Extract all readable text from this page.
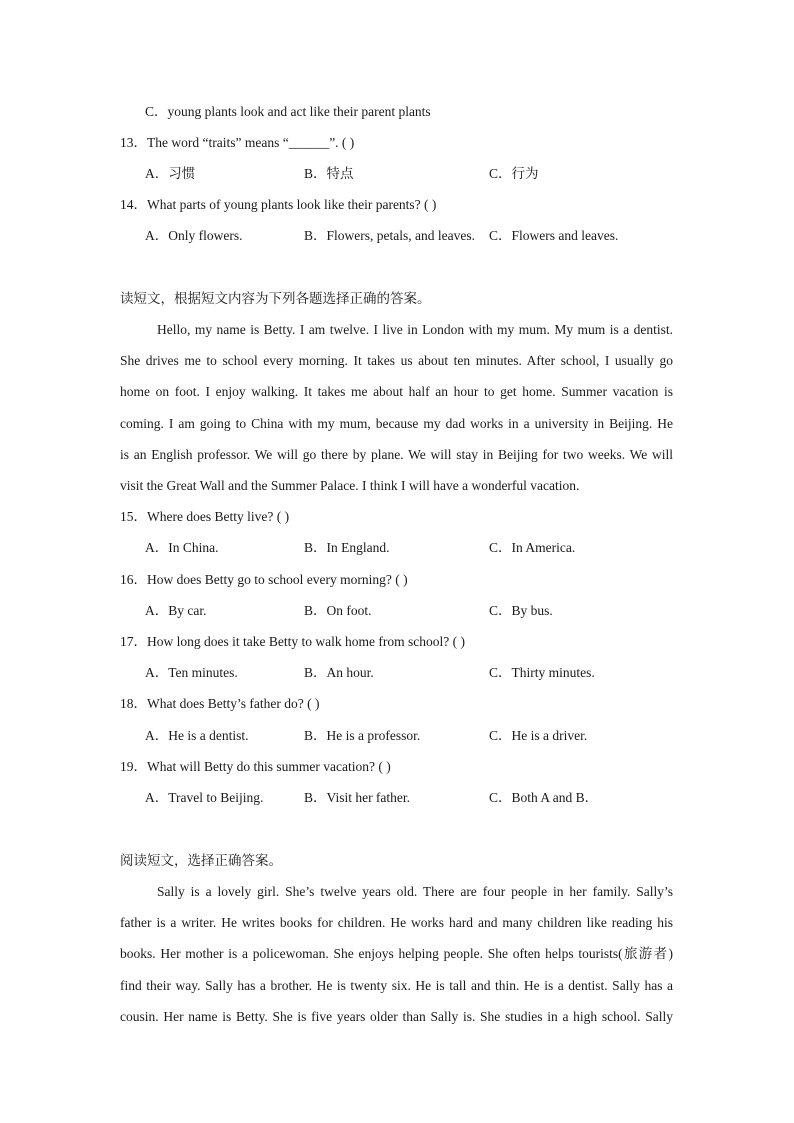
C．young plants look and act like their parent plants
13．The word “traits” means “______”. ( )
A．习惯	B．特点	C．行为
14．What parts of young plants look like their parents? ( )
A．Only flowers.	B．Flowers, petals, and leaves. C．Flowers and leaves.
读短文，根据短文内容为下列各题选择正确的答案。
Hello, my name is Betty. I am twelve. I live in London with my mum. My mum is a dentist.
She drives me to school every morning. It takes us about ten minutes. After school, I usually go
home on foot. I enjoy walking. It takes me about half an hour to get home. Summer vacation is
coming. I am going to China with my mum, because my dad works in a university in Beijing. He
is an English professor. We will go there by plane. We will stay in Beijing for two weeks. We will
visit the Great Wall and the Summer Palace. I think I will have a wonderful vacation.
15．Where does Betty live? ( )
A．In China.	B．In England.	C．In America.
16．How does Betty go to school every morning? ( )
A．By car.	B．On foot.	C．By bus.
17．How long does it take Betty to walk home from school? ( )
A．Ten minutes.	B．An hour.	C．Thirty minutes.
18．What does Betty’s father do? ( )
A．He is a dentist.	B．He is a professor.	C．He is a driver.
19．What will Betty do this summer vacation? ( )
A．Travel to Beijing.	B．Visit her father.	C．Both A and B．
阅读短文，选择正确答案。
Sally is a lovely girl. She’s twelve years old. There are four people in her family. Sally’s
father is a writer. He writes books for children. He works hard and many children like reading his
books. Her mother is a policewoman. She enjoys helping people. She often helps tourists(旅游者)
find their way. Sally has a brother. He is twenty six. He is tall and thin. He is a dentist. Sally has a
cousin. Her name is Betty. She is five years older than Sally is. She studies in a high school. Sally
